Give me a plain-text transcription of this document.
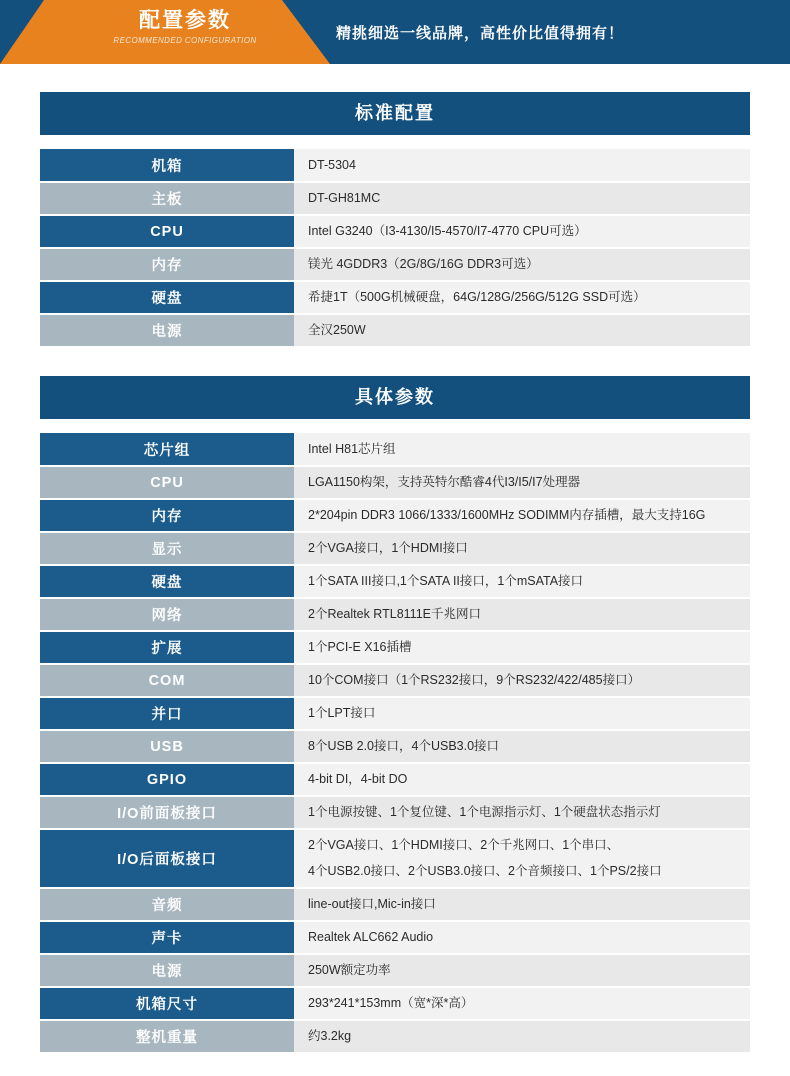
配置参数
RECOMMENDED CONFIGURATION	精挑细选一线品牌，高性价比值得拥有！
标准配置
机箱	DT-5304
主板	DT-GH81MC
CPU	Intel G3240（I3-4130/I5-4570/I7-4770 CPU可选）
内存	镁光 4GDDR3（2G/8G/16G DDR3可选）
硬盘	希捷1T（500G机械硬盘，64G/128G/256G/512G SSD可选）
电源	全汉250W
具体参数
芯片组	Intel H81芯片组
CPU	LGA1150构架，支持英特尔酷睿4代I3/I5/I7处理器
内存	2*204pin DDR3 1066/1333/1600MHz SODIMM内存插槽，最大支持16G
显示	2个VGA接口，1个HDMI接口
硬盘	1个SATA III接口,1个SATA II接口，1个mSATA接口
网络	2个Realtek RTL8111E千兆网口
扩展	1个PCI-E X16插槽
COM	10个COM接口（1个RS232接口，9个RS232/422/485接口）
并口	1个LPT接口
USB	8个USB 2.0接口，4个USB3.0接口
GPIO	4-bit DI，4-bit DO
I/O前面板接口	1个电源按键、1个复位键、1个电源指示灯、1个硬盘状态指示灯
I/O后面板接口	2个VGA接口、1个HDMI接口、2个千兆网口、1个串口、
4个USB2.0接口、2个USB3.0接口、2个音频接口、1个PS/2接口

音频	line-out接口,Mic-in接口
声卡	Realtek ALC662 Audio
电源	250W额定功率
机箱尺寸	293*241*153mm（宽*深*高）
整机重量	约3.2kg
